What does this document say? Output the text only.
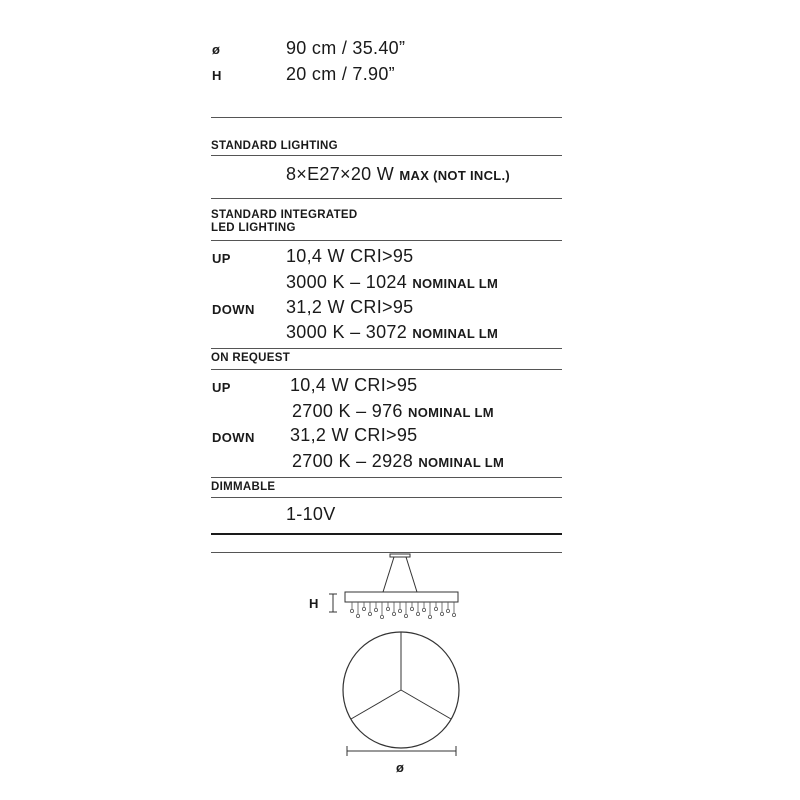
ø	90 cm / 35.40”
H	20 cm / 7.90”
STANDARD LIGHTING
8×E27×20 W MAX (NOT INCL.)
STANDARD INTEGRATED
LED LIGHTING
UP	10,4 W CRI>95
3000 K – 1024 NOMINAL LM
DOWN 31,2 W CRI>95
3000 K – 3072 NOMINAL LM
ON REQUEST
UP	10,4 W CRI>95
2700 K – 976 NOMINAL LM
DOWN 31,2 W CRI>95
2700 K – 2928 NOMINAL LM
DIMMABLE
1-10V
H
ø
